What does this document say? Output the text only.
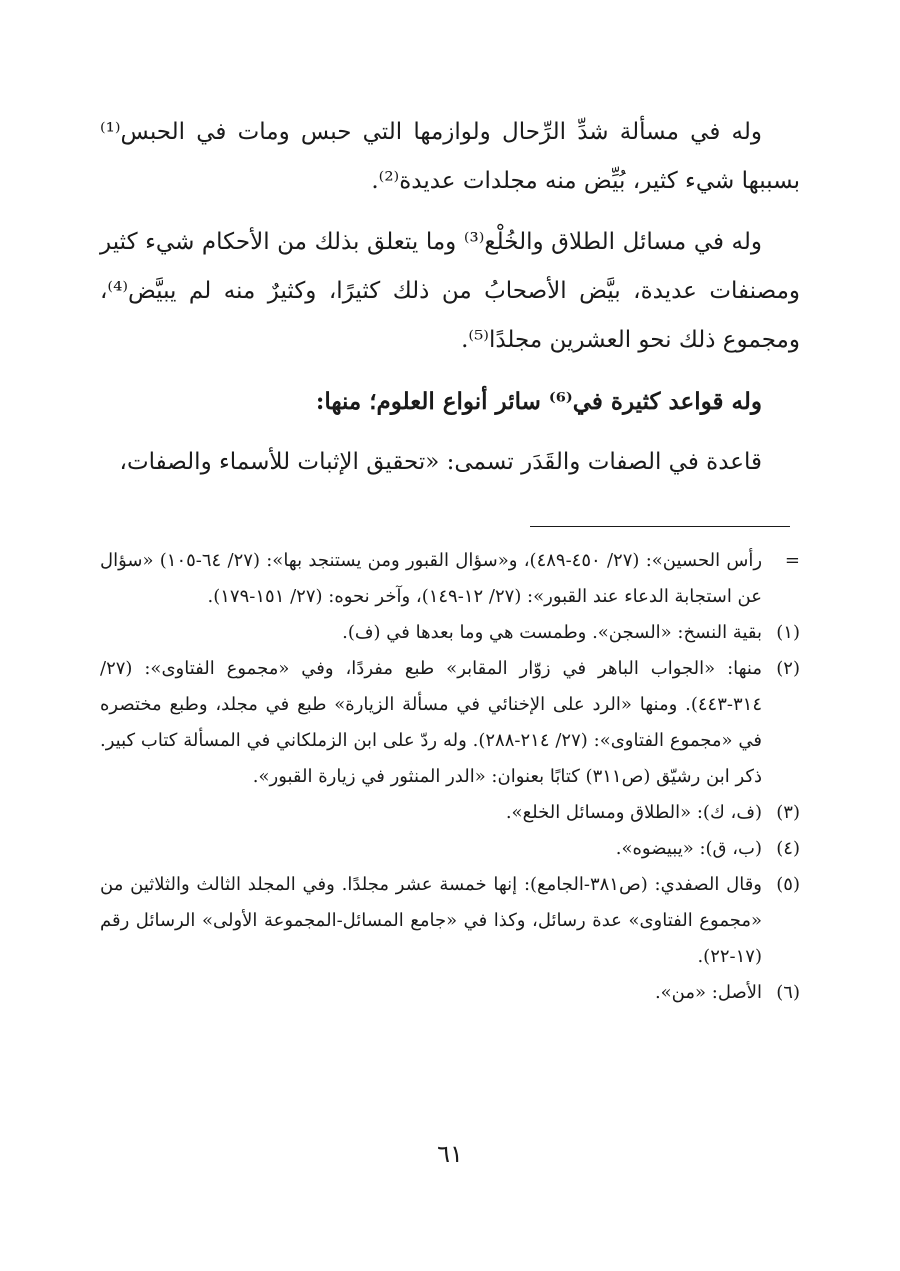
وله في مسألة شدِّ الرِّحال ولوازمها التي حبس ومات في الحبس⁽¹⁾ بسببها شيء كثير، بُيِّض منه مجلدات عديدة⁽²⁾.

وله في مسائل الطلاق والخُلْع⁽³⁾ وما يتعلق بذلك من الأحكام شيء كثير ومصنفات عديدة، بيَّض الأصحابُ من ذلك كثيرًا، وكثيرٌ منه لم يبيَّض⁽⁴⁾، ومجموع ذلك نحو العشرين مجلدًا⁽⁵⁾.

وله قواعد كثيرة في⁽⁶⁾ سائر أنواع العلوم؛ منها:

قاعدة في الصفات والقَدَر تسمى: «تحقيق الإثبات للأسماء والصفات،

=
رأس الحسين»: (٢٧/ ٤٥٠-٤٨٩)، و«سؤال القبور ومن يستنجد بها»: (٢٧/ ٦٤-١٠٥) «سؤال عن استجابة الدعاء عند القبور»: (٢٧/ ١٢-١٤٩)، وآخر نحوه: (٢٧/ ١٥١-١٧٩).
(١)
بقية النسخ: «السجن». وطمست هي وما بعدها في (ف).
(٢)
منها: «الجواب الباهر في زوّار المقابر» طبع مفردًا، وفي «مجموع الفتاوى»: (٢٧/ ٣١٤-٤٤٣). ومنها «الرد على الإخنائي في مسألة الزيارة» طبع في مجلد، وطبع مختصره في «مجموع الفتاوى»: (٢٧/ ٢١٤-٢٨٨). وله ردّ على ابن الزملكاني في المسألة كتاب كبير. ذكر ابن رشيّق (ص٣١١) كتابًا بعنوان: «الدر المنثور في زيارة القبور».
(٣)
(ف، ك): «الطلاق ومسائل الخلع».
(٤)
(ب، ق): «يبيضوه».
(٥)
وقال الصفدي: (ص٣٨١-الجامع): إنها خمسة عشر مجلدًا. وفي المجلد الثالث والثلاثين من «مجموع الفتاوى» عدة رسائل، وكذا في «جامع المسائل-المجموعة الأولى» الرسائل رقم (١٧-٢٢).
(٦)
الأصل: «من».
٦١
